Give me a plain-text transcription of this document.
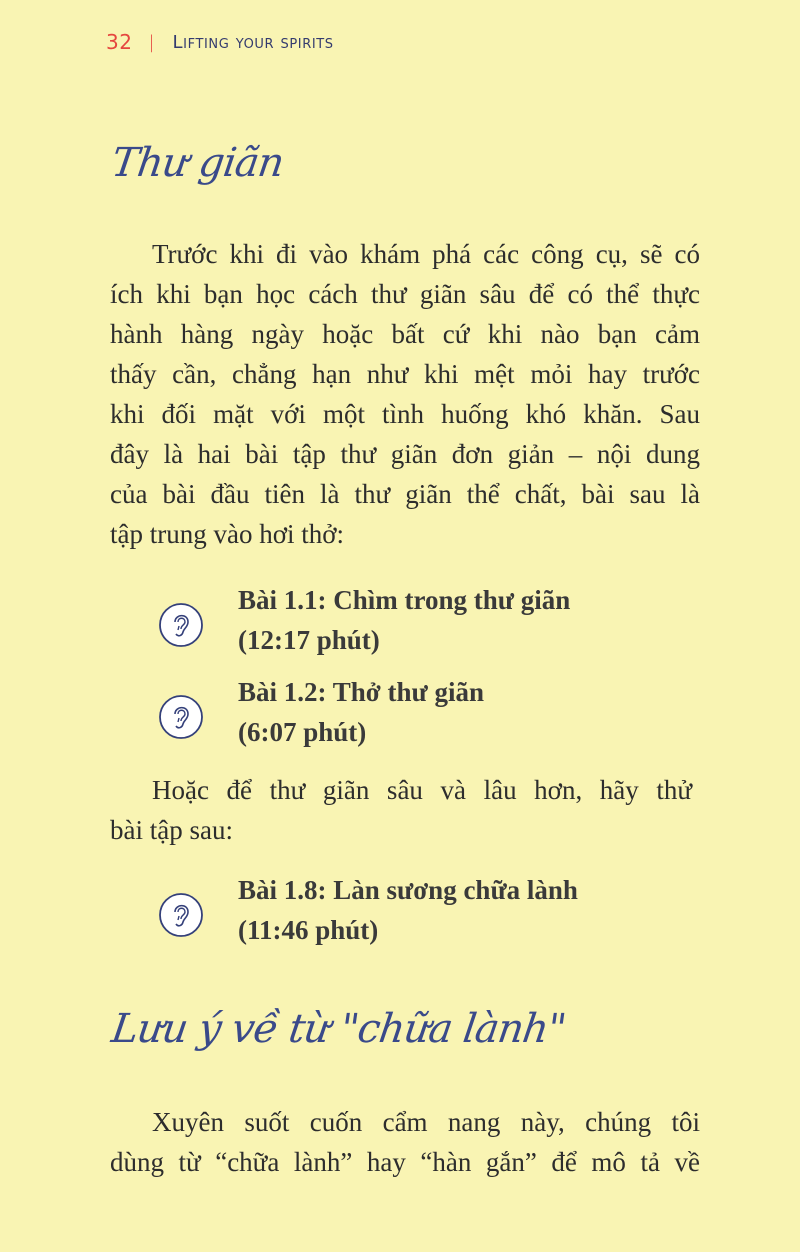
32 | Lifting your spirits
Thư giãn
Trước khi đi vào khám phá các công cụ, sẽ có
ích khi bạn học cách thư giãn sâu để có thể thực
hành hàng ngày hoặc bất cứ khi nào bạn cảm
thấy cần, chẳng hạn như khi mệt mỏi hay trước
khi đối mặt với một tình huống khó khăn. Sau
đây là hai bài tập thư giãn đơn giản – nội dung
của bài đầu tiên là thư giãn thể chất, bài sau là
tập trung vào hơi thở:
Bài 1.1: Chìm trong thư giãn
(12:17 phút)
Bài 1.2: Thở thư giãn
(6:07 phút)
Hoặc để thư giãn sâu và lâu hơn, hãy thử
bài tập sau:
Bài 1.8: Làn sương chữa lành
(11:46 phút)
Lưu ý về từ "chữa lành"
Xuyên suốt cuốn cẩm nang này, chúng tôi
dùng từ “chữa lành” hay “hàn gắn” để mô tả về
